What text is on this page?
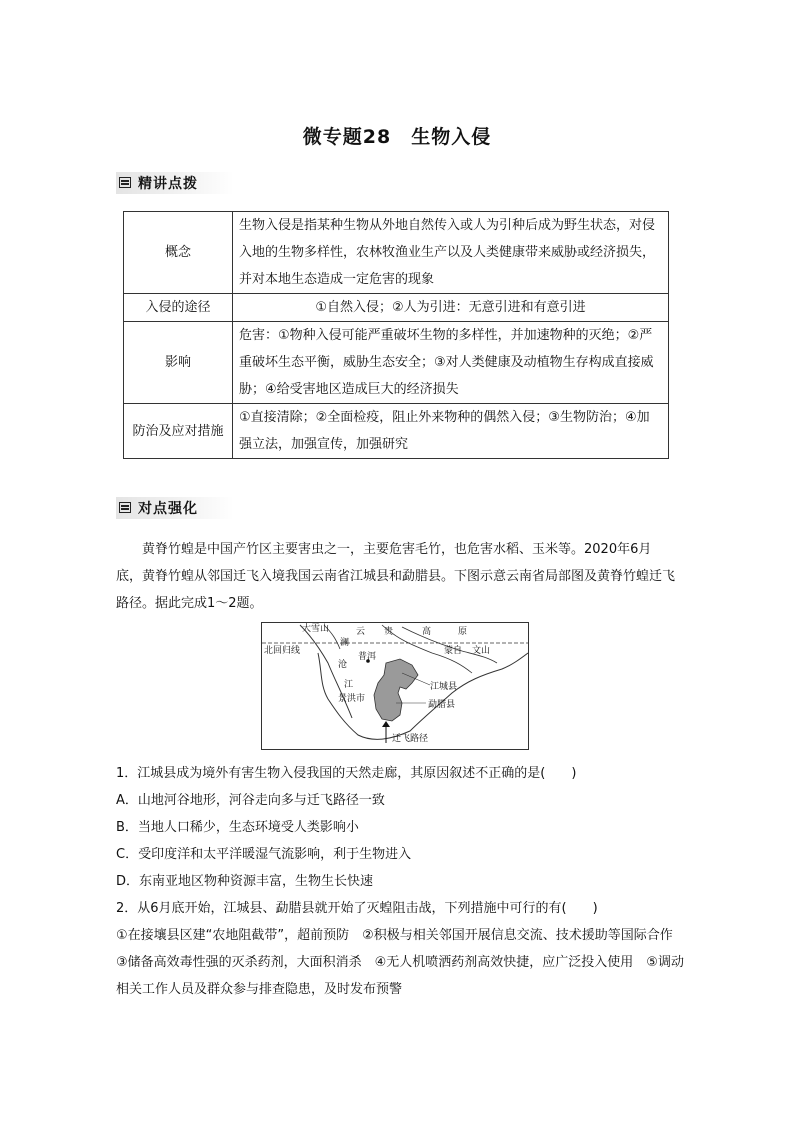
微专题28　生物入侵
精讲点拨
概念	生物入侵是指某种生物从外地自然传入或人为引种后成为野生状态，对侵入地的生物多样性，农林牧渔业生产以及人类健康带来威胁或经济损失，并对本地生态造成一定危害的现象
入侵的途径	①自然入侵；②人为引进：无意引进和有意引进
影响	危害：①物种入侵可能严重破坏生物的多样性，并加速物种的灭绝；②严重破坏生态平衡，威胁生态安全；③对人类健康及动植物生存构成直接威胁；④给受害地区造成巨大的经济损失
防治及应对措施	①直接清除；②全面检疫，阻止外来物种的偶然入侵；③生物防治；④加强立法，加强宣传，加强研究
对点强化
黄脊竹蝗是中国产竹区主要害虫之一，主要危害毛竹，也危害水稻、玉米等。2020年6月底，黄脊竹蝗从邻国迁飞入境我国云南省江城县和勐腊县。下图示意云南省局部图及黄脊竹蝗迁飞路径。据此完成1～2题。
大雪山	云 贵	高	原
北回归线
澜
沧
江
普洱
蒙自 文山
江城县
景洪市
勐腊县
迁飞路径

1．江城县成为境外有害生物入侵我国的天然走廊，其原因叙述不正确的是(　　)

A．山地河谷地形，河谷走向多与迁飞路径一致

B．当地人口稀少，生态环境受人类影响小

C．受印度洋和太平洋暖湿气流影响，利于生物进入

D．东南亚地区物种资源丰富，生物生长快速

2．从6月底开始，江城县、勐腊县就开始了灭蝗阻击战，下列措施中可行的有(　　)

①在接壤县区建“农地阻截带”，超前预防　②积极与相关邻国开展信息交流、技术援助等国际合作　③储备高效毒性强的灭杀药剂，大面积消杀　④无人机喷洒药剂高效快捷，应广泛投入使用　⑤调动相关工作人员及群众参与排查隐患，及时发布预警
